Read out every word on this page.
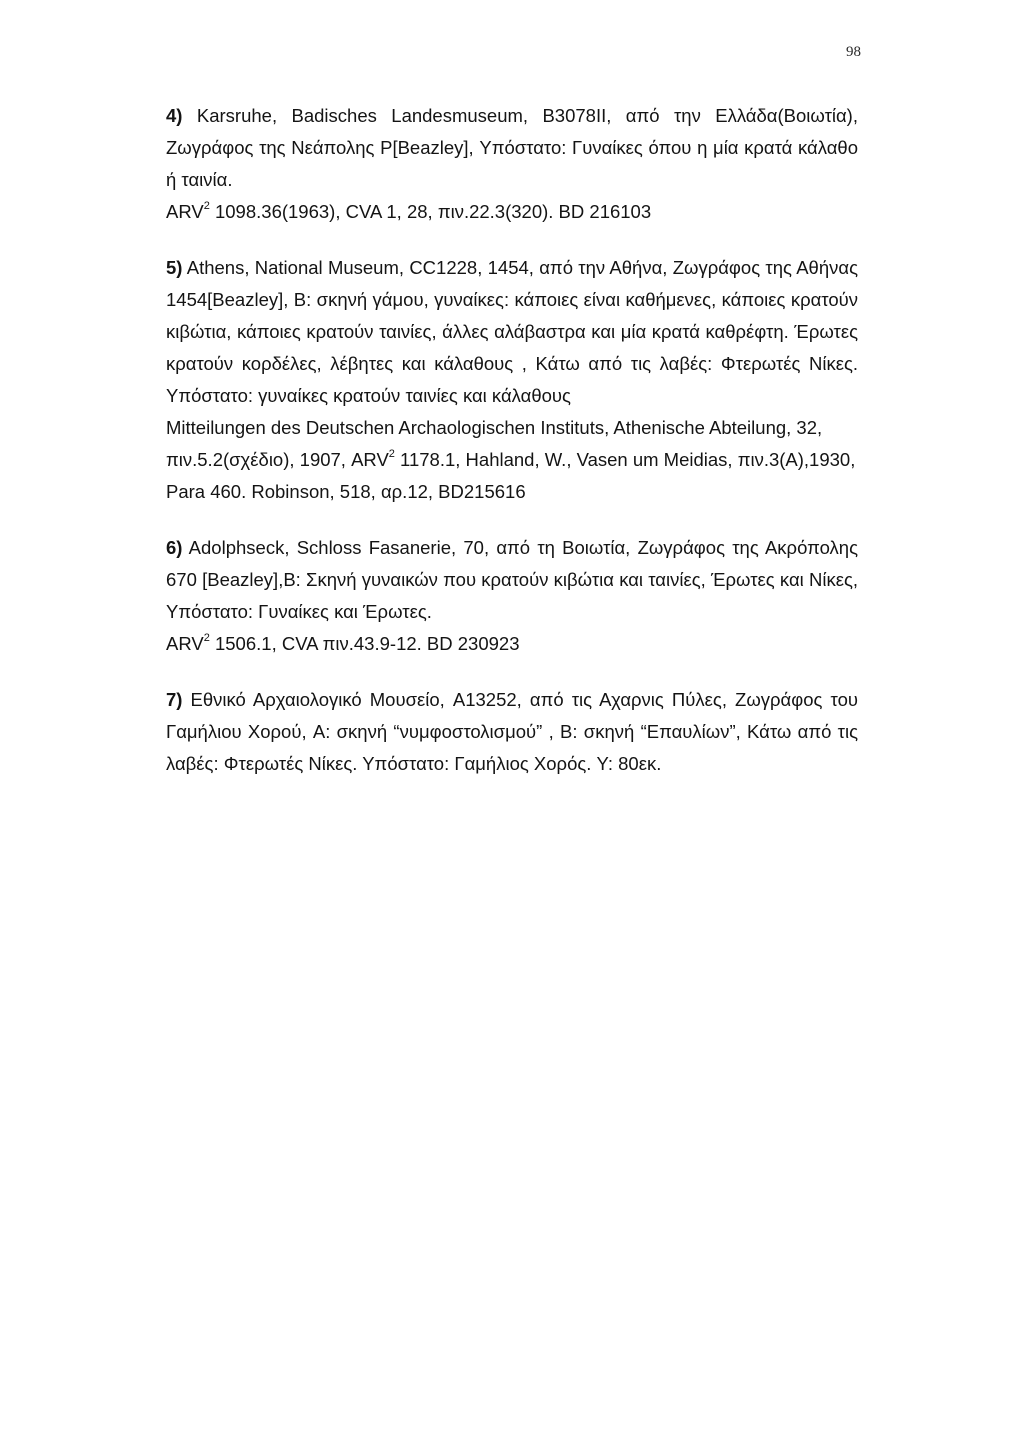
98

4) Karsruhe, Badisches Landesmuseum, B3078II, από την Ελλάδα(Βοιωτία), Ζωγράφος της Νεάπολης P[Beazley], Υπόστατο: Γυναίκες όπου η μία κρατά κάλαθο ή ταινία.

ARV$^2$ 1098.36(1963), CVA 1, 28, πιν.22.3(320). BD 216103

5) Athens, National Museum, CC1228, 1454, από την Αθήνα, Ζωγράφος της Αθήνας 1454[Beazley], B: σκηνή γάμου, γυναίκες: κάποιες είναι καθήμενες, κάποιες κρατούν κιβώτια, κάποιες κρατούν ταινίες, άλλες αλάβαστρα και μία κρατά καθρέφτη. Έρωτες κρατούν κορδέλες, λέβητες και κάλαθους , Κάτω από τις λαβές: Φτερωτές Νίκες. Υπόστατο: γυναίκες κρατούν ταινίες και κάλαθους

Mitteilungen des Deutschen Archaologischen Instituts, Athenische Abteilung, 32, πιν.5.2(σχέδιο), 1907, ARV$^2$ 1178.1, Hahland, W., Vasen um Meidias, πιν.3(A),1930, Para 460. Robinson, 518, αρ.12, BD215616

6) Adolphseck, Schloss Fasanerie, 70, από τη Βοιωτία, Ζωγράφος της Ακρόπολης 670 [Beazley],B: Σκηνή γυναικών που κρατούν κιβώτια και ταινίες, Έρωτες και Νίκες, Υπόστατο: Γυναίκες και Έρωτες.

ARV$^2$ 1506.1, CVA πιν.43.9-12. BD 230923

7) Εθνικό Αρχαιολογικό Μουσείο, A13252, από τις Αχαρνις Πύλες, Ζωγράφος του Γαμήλιου Χορού, A: σκηνή “νυμφοστολισμού” , B: σκηνή “Επαυλίων”, Κάτω από τις λαβές: Φτερωτές Νίκες. Υπόστατο: Γαμήλιος Χορός. Y: 80εκ.
